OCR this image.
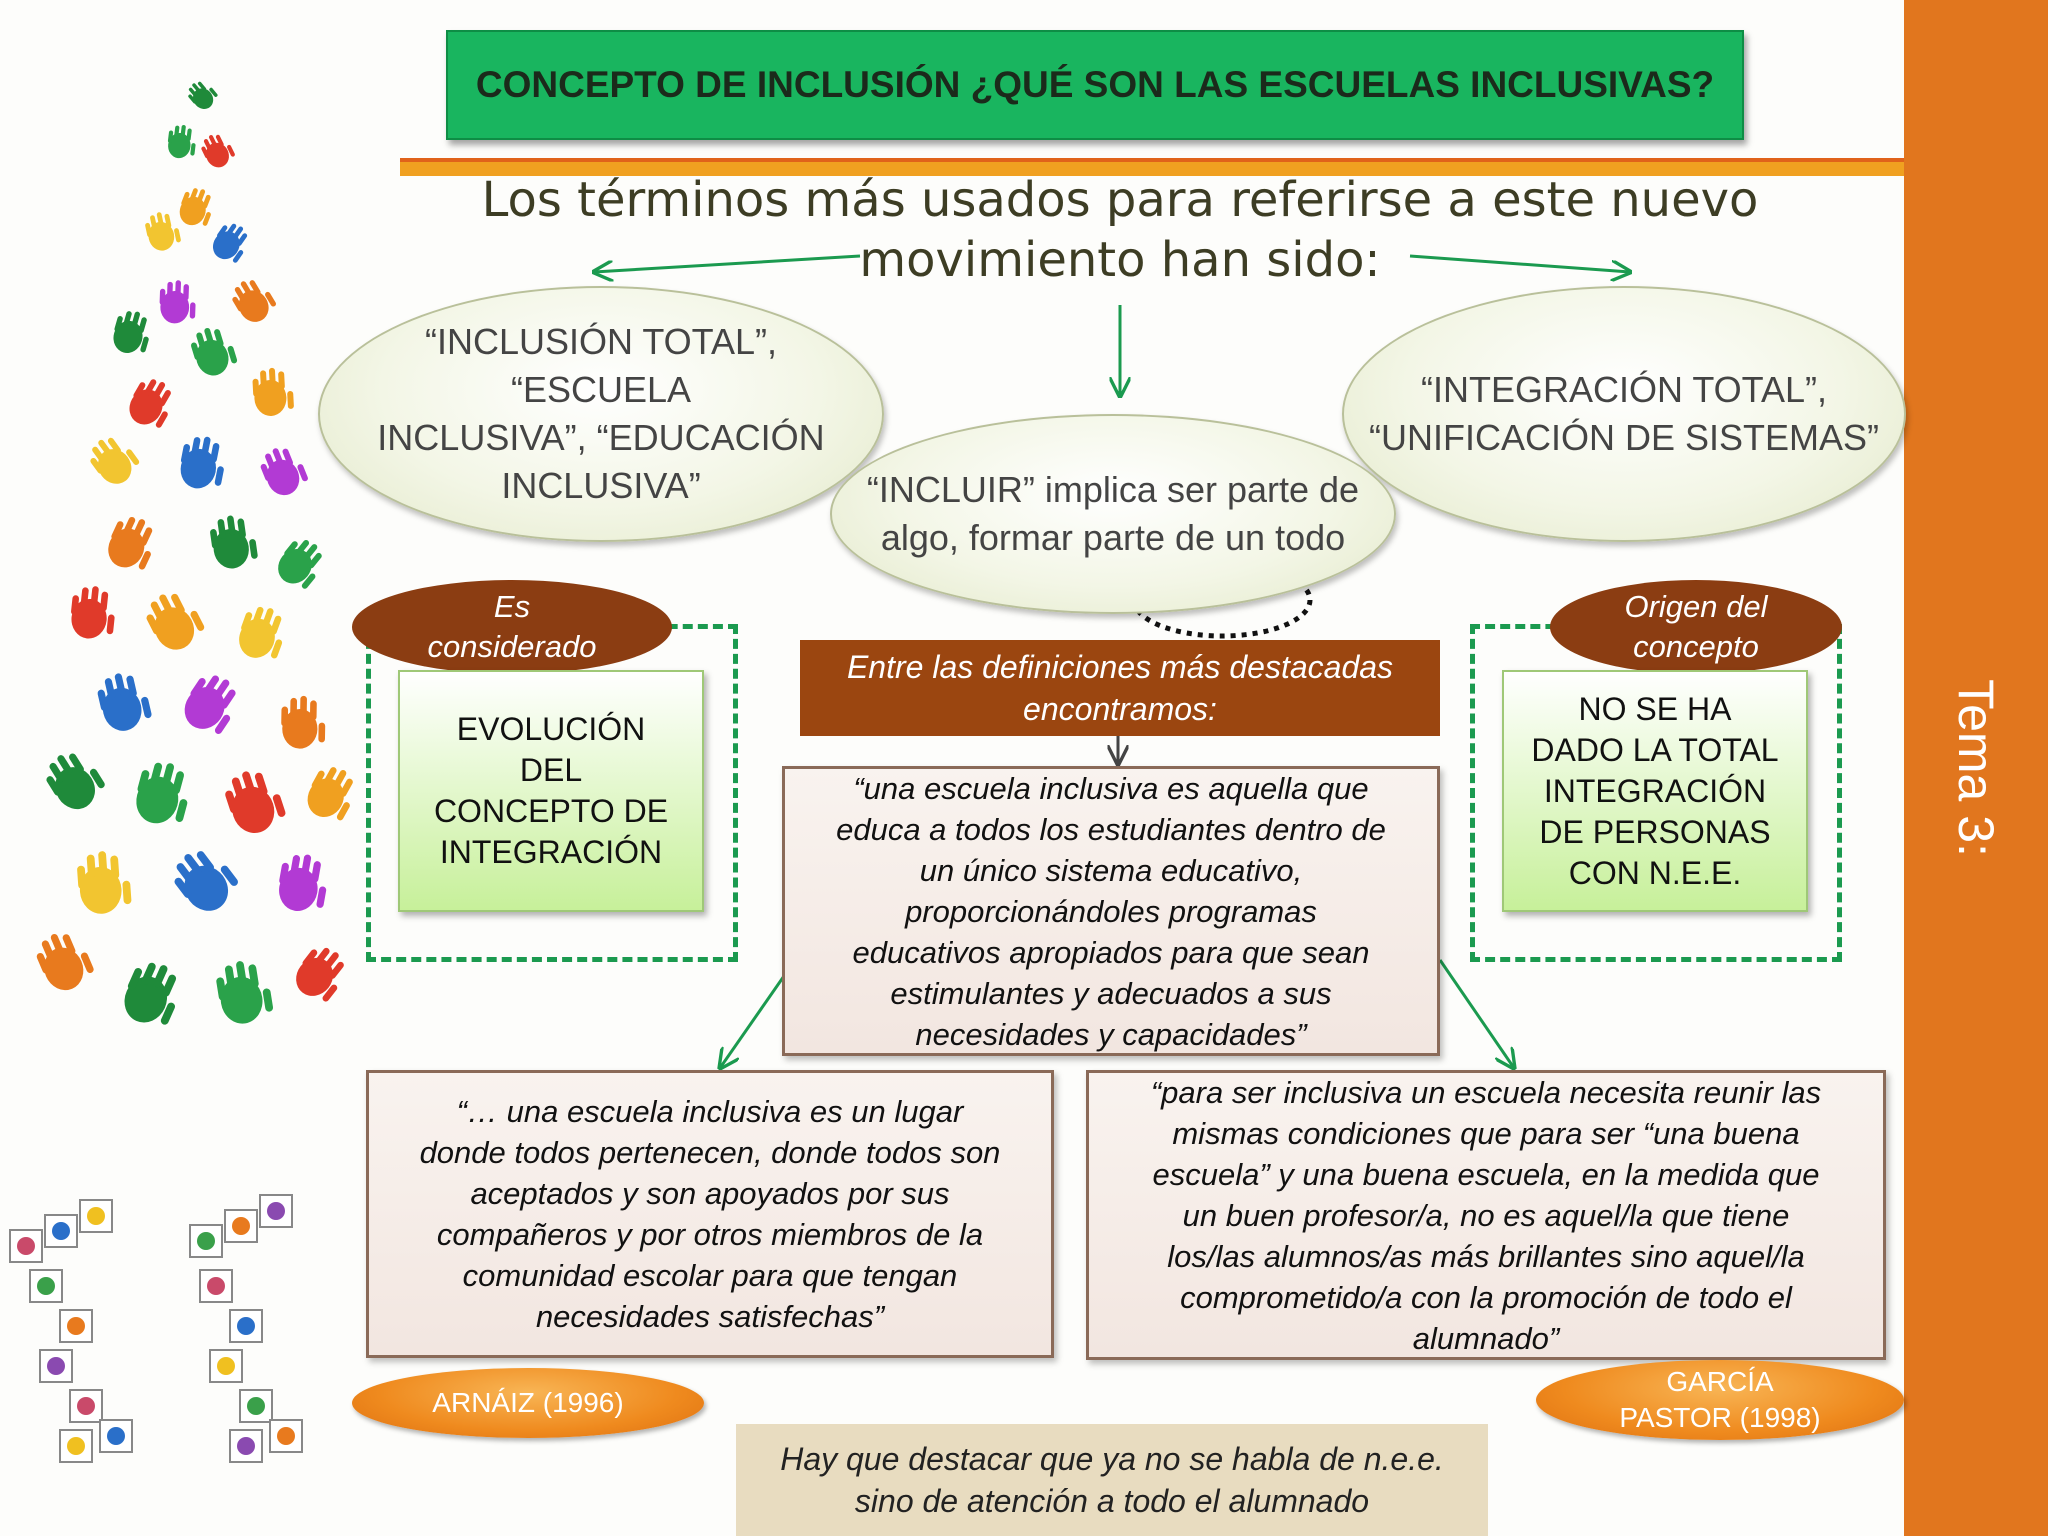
Tema 3:
CONCEPTO DE INCLUSIÓN ¿QUÉ SON LAS ESCUELAS INCLUSIVAS?
Los términos más usados para referirse a este nuevo
movimiento han sido:
“INCLUSIÓN TOTAL”, “ESCUELA
INCLUSIVA”, “EDUCACIÓN
INCLUSIVA”
“INTEGRACIÓN TOTAL”,
“UNIFICACIÓN DE SISTEMAS”
“INCLUIR” implica ser parte de
algo, formar parte de un todo
Es
considerado
EVOLUCIÓN
DEL
CONCEPTO DE
INTEGRACIÓN
Origen del
concepto
NO SE HA
DADO LA TOTAL
INTEGRACIÓN
DE PERSONAS
CON N.E.E.
Entre las definiciones más destacadas
encontramos:
“una escuela inclusiva es aquella que
educa a todos los estudiantes dentro de
un único sistema educativo,
proporcionándoles programas
educativos apropiados para que sean
estimulantes y adecuados a sus
necesidades y capacidades”
“… una escuela inclusiva es un lugar
donde todos pertenecen, donde todos son
aceptados y son apoyados por sus
compañeros y por otros miembros de la
comunidad escolar para que tengan
necesidades satisfechas”
“para ser inclusiva un escuela necesita reunir las
mismas condiciones que para ser “una buena
escuela” y una buena escuela, en la medida que
un buen profesor/a, no es aquel/la que tiene
los/las alumnos/as más brillantes sino aquel/la
comprometido/a con la promoción de todo el
alumnado”
ARNÁIZ (1996)
GARCÍA
PASTOR (1998)
Hay que destacar que ya no se habla de n.e.e.
sino de atención a todo el alumnado
